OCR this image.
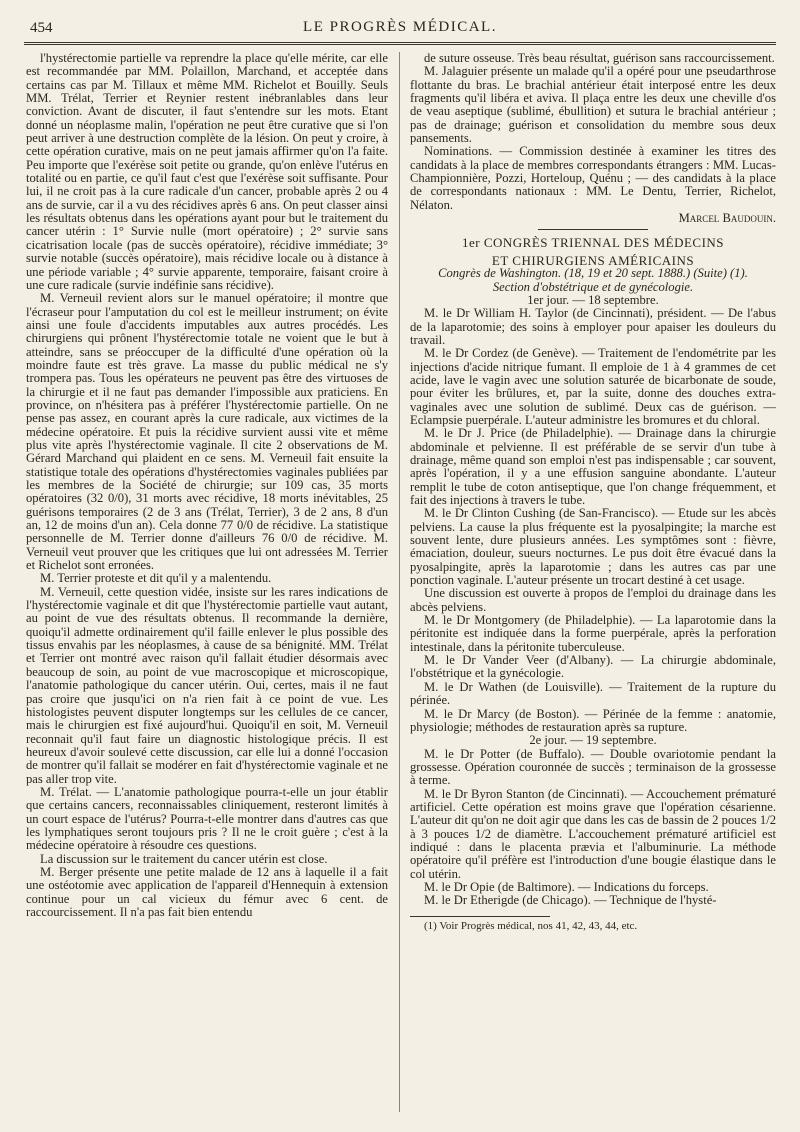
454	LE PROGRÈS MÉDICAL.

l'hystérectomie partielle va reprendre la place qu'elle mérite, car elle est recommandée par MM. Polaillon, Marchand, et acceptée dans certains cas par M. Tillaux et même MM. Richelot et Bouilly. Seuls MM. Trélat, Terrier et Reynier restent inébranlables dans leur conviction. Avant de discuter, il faut s'entendre sur les mots. Etant donné un néoplasme malin, l'opération ne peut être curative que si l'on peut arriver à une destruction complète de la lésion. On peut y croire, à cette opération curative, mais on ne peut jamais affirmer qu'on l'a faite. Peu importe que l'exérèse soit petite ou grande, qu'on enlève l'utérus en totalité ou en partie, ce qu'il faut c'est que l'exérèse soit suffisante. Pour lui, il ne croit pas à la cure radicale d'un cancer, probable après 2 ou 4 ans de survie, car il a vu des récidives après 6 ans. On peut classer ainsi les résultats obtenus dans les opérations ayant pour but le traitement du cancer utérin : 1° Survie nulle (mort opératoire) ; 2° survie sans cicatrisation locale (pas de succès opératoire), récidive immédiate; 3° survie notable (succès opératoire), mais récidive locale ou à distance à une période variable ; 4° survie apparente, temporaire, faisant croire à une cure radicale (survie indéfinie sans récidive).

M. Verneuil revient alors sur le manuel opératoire; il montre que l'écraseur pour l'amputation du col est le meilleur instrument; on évite ainsi une foule d'accidents imputables aux autres procédés. Les chirurgiens qui prônent l'hystérectomie totale ne voient que le but à atteindre, sans se préoccuper de la difficulté d'une opération où la moindre faute est très grave. La masse du public médical ne s'y trompera pas. Tous les opérateurs ne peuvent pas être des virtuoses de la chirurgie et il ne faut pas demander l'impossible aux praticiens. En province, on n'hésitera pas à préférer l'hystérectomie partielle. On ne pense pas assez, en courant après la cure radicale, aux victimes de la médecine opératoire. Et puis la récidive survient aussi vite et même plus vite après l'hystérectomie vaginale. Il cite 2 observations de M. Gérard Marchand qui plaident en ce sens. M. Verneuil fait ensuite la statistique totale des opérations d'hystérectomies vaginales publiées par les membres de la Société de chirurgie; sur 109 cas, 35 morts opératoires (32 0/0), 31 morts avec récidive, 18 morts inévitables, 25 guérisons temporaires (2 de 3 ans (Trélat, Terrier), 3 de 2 ans, 8 d'un an, 12 de moins d'un an). Cela donne 77 0/0 de récidive. La statistique personnelle de M. Terrier donne d'ailleurs 76 0/0 de récidive. M. Verneuil veut prouver que les critiques que lui ont adressées M. Terrier et Richelot sont erronées.

M. Terrier proteste et dit qu'il y a malentendu.

M. Verneuil, cette question vidée, insiste sur les rares indications de l'hystérectomie vaginale et dit que l'hystérectomie partielle vaut autant, au point de vue des résultats obtenus. Il recommande la dernière, quoiqu'il admette ordinairement qu'il faille enlever le plus possible des tissus envahis par les néoplasmes, à cause de sa bénignité. MM. Trélat et Terrier ont montré avec raison qu'il fallait étudier désormais avec beaucoup de soin, au point de vue macroscopique et microscopique, l'anatomie pathologique du cancer utérin. Oui, certes, mais il ne faut pas croire que jusqu'ici on n'a rien fait à ce point de vue. Les histologistes peuvent disputer longtemps sur les cellules de ce cancer, mais le chirurgien est fixé aujourd'hui. Quoiqu'il en soit, M. Verneuil reconnait qu'il faut faire un diagnostic histologique précis. Il est heureux d'avoir soulevé cette discussion, car elle lui a donné l'occasion de montrer qu'il fallait se modérer en fait d'hystérectomie vaginale et ne pas aller trop vite.

M. Trélat. — L'anatomie pathologique pourra-t-elle un jour établir que certains cancers, reconnaissables cliniquement, resteront limités à un court espace de l'utérus? Pourra-t-elle montrer dans d'autres cas que les lymphatiques seront toujours pris ? Il ne le croit guère ; c'est à la médecine opératoire à résoudre ces questions.

La discussion sur le traitement du cancer utérin est close.

M. Berger présente une petite malade de 12 ans à laquelle il a fait une ostéotomie avec application de l'appareil d'Hennequin à extension continue pour un cal vicieux du fémur avec 6 cent. de raccourcissement. Il n'a pas fait bien entendu

de suture osseuse. Très beau résultat, guérison sans raccourcissement.

M. Jalaguier présente un malade qu'il a opéré pour une pseudarthrose flottante du bras. Le brachial antérieur était interposé entre les deux fragments qu'il libéra et aviva. Il plaça entre les deux une cheville d'os de veau aseptique (sublimé, ébullition) et sutura le brachial antérieur ; pas de drainage; guérison et consolidation du membre sous deux pansements.

Nominations. — Commission destinée à examiner les titres des candidats à la place de membres correspondants étrangers : MM. Lucas-Championnière, Pozzi, Horteloup, Quénu ; — des candidats à la place de correspondants nationaux : MM. Le Dentu, Terrier, Richelot, Nélaton.

Marcel Baudouin.

1er CONGRÈS TRIENNAL DES MÉDECINS

ET CHIRURGIENS AMÉRICAINS

Congrès de Washington. (18, 19 et 20 sept. 1888.) (Suite) (1).

Section d'obstétrique et de gynécologie.

1er jour. — 18 septembre.

M. le Dr William H. Taylor (de Cincinnati), président. — De l'abus de la laparotomie; des soins à employer pour apaiser les douleurs du travail.

M. le Dr Cordez (de Genève). — Traitement de l'endométrite par les injections d'acide nitrique fumant. Il emploie de 1 à 4 grammes de cet acide, lave le vagin avec une solution saturée de bicarbonate de soude, pour éviter les brûlures, et, par la suite, donne des douches extra-vaginales avec une solution de sublimé. Deux cas de guérison. — Eclampsie puerpérale. L'auteur administre les bromures et du chloral.

M. le Dr J. Price (de Philadelphie). — Drainage dans la chirurgie abdominale et pelvienne. Il est préférable de se servir d'un tube à drainage, même quand son emploi n'est pas indispensable ; car souvent, après l'opération, il y a une effusion sanguine abondante. L'auteur remplit le tube de coton antiseptique, que l'on change fréquemment, et fait des injections à travers le tube.

M. le Dr Clinton Cushing (de San-Francisco). — Etude sur les abcès pelviens. La cause la plus fréquente est la pyosalpingite; la marche est souvent lente, dure plusieurs années. Les symptômes sont : fièvre, émaciation, douleur, sueurs nocturnes. Le pus doit être évacué dans la pyosalpingite, après la laparotomie ; dans les autres cas par une ponction vaginale. L'auteur présente un trocart destiné à cet usage.

Une discussion est ouverte à propos de l'emploi du drainage dans les abcès pelviens.

M. le Dr Montgomery (de Philadelphie). — La laparotomie dans la péritonite est indiquée dans la forme puerpérale, après la perforation intestinale, dans la péritonite tuberculeuse.

M. le Dr Vander Veer (d'Albany). — La chirurgie abdominale, l'obstétrique et la gynécologie.

M. le Dr Wathen (de Louisville). — Traitement de la rupture du périnée.

M. le Dr Marcy (de Boston). — Périnée de la femme : anatomie, physiologie; méthodes de restauration après sa rupture.

2e jour. — 19 septembre.

M. le Dr Potter (de Buffalo). — Double ovariotomie pendant la grossesse. Opération couronnée de succès ; terminaison de la grossesse à terme.

M. le Dr Byron Stanton (de Cincinnati). — Accouchement prématuré artificiel. Cette opération est moins grave que l'opération césarienne. L'auteur dit qu'on ne doit agir que dans les cas de bassin de 2 pouces 1/2 à 3 pouces 1/2 de diamètre. L'accouchement prématuré artificiel est indiqué : dans le placenta prævia et l'albuminurie. La méthode opératoire qu'il préfère est l'introduction d'une bougie élastique dans le col utérin.

M. le Dr Opie (de Baltimore). — Indications du forceps.

M. le Dr Etherigde (de Chicago). — Technique de l'hysté-

(1) Voir Progrès médical, nos 41, 42, 43, 44, etc.
